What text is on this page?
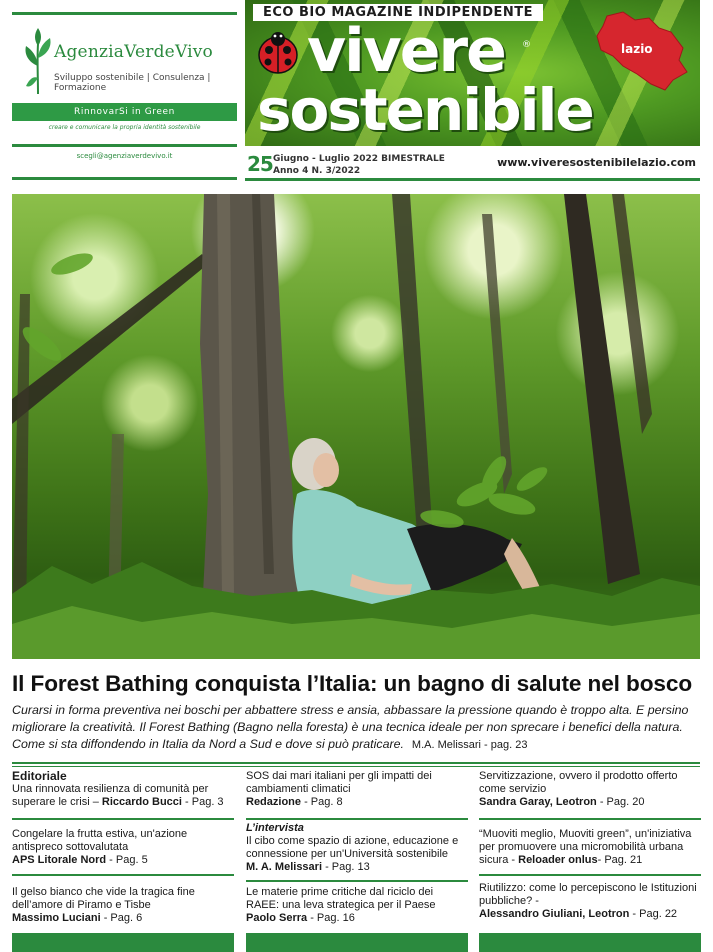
AgenziaVerdeVivo
Sviluppo sostenibile | Consulenza | Formazione
RinnovarSi in Green
creare e comunicare la propria identità sostenibile
scegli@agenziaverdevivo.it
ECO BIO MAGAZINE INDIPENDENTE
vivere ®
sostenibile
lazio
25 Giugno - Luglio 2022 BIMESTRALE
Anno 4 N. 3/2022
www.viveresostenibilelazio.com
Il Forest Bathing conquista l’Italia: un bagno di salute nel bosco
Curarsi in forma preventiva nei boschi per abbattere stress e ansia, abbassare la pressione quando è troppo alta. E persino migliorare la creatività. Il Forest Bathing (Bagno nella foresta) è una tecnica ideale per non sprecare i benefici della natura. Come si sta diffondendo in Italia da Nord a Sud e dove si può praticare. M.A. Melissari - pag. 23
Editoriale
Una rinnovata resilienza di comunità per superare le crisi – Riccardo Bucci - Pag. 3
Congelare la frutta estiva, un'azione antispreco sottovalutata
APS Litorale Nord - Pag. 5
Il gelso bianco che vide la tragica fine dell’amore di Piramo e Tisbe
Massimo Luciani - Pag. 6
SOS dai mari italiani per gli impatti dei cambiamenti climatici
Redazione - Pag. 8
L’intervista
Il cibo come spazio di azione, educazione e connessione per un'Università sostenibile
M. A. Melissari - Pag. 13
Le materie prime critiche dal riciclo dei RAEE: una leva strategica per il Paese
Paolo Serra - Pag. 16
Servitizzazione, ovvero il prodotto offerto come servizio
Sandra Garay, Leotron - Pag. 20
“Muoviti meglio, Muoviti green”, un'iniziativa per promuovere una micromobilità urbana sicura - Reloader onlus- Pag. 21
Riutilizzo: come lo percepiscono le Istituzioni pubbliche? -
Alessandro Giuliani, Leotron - Pag. 22
